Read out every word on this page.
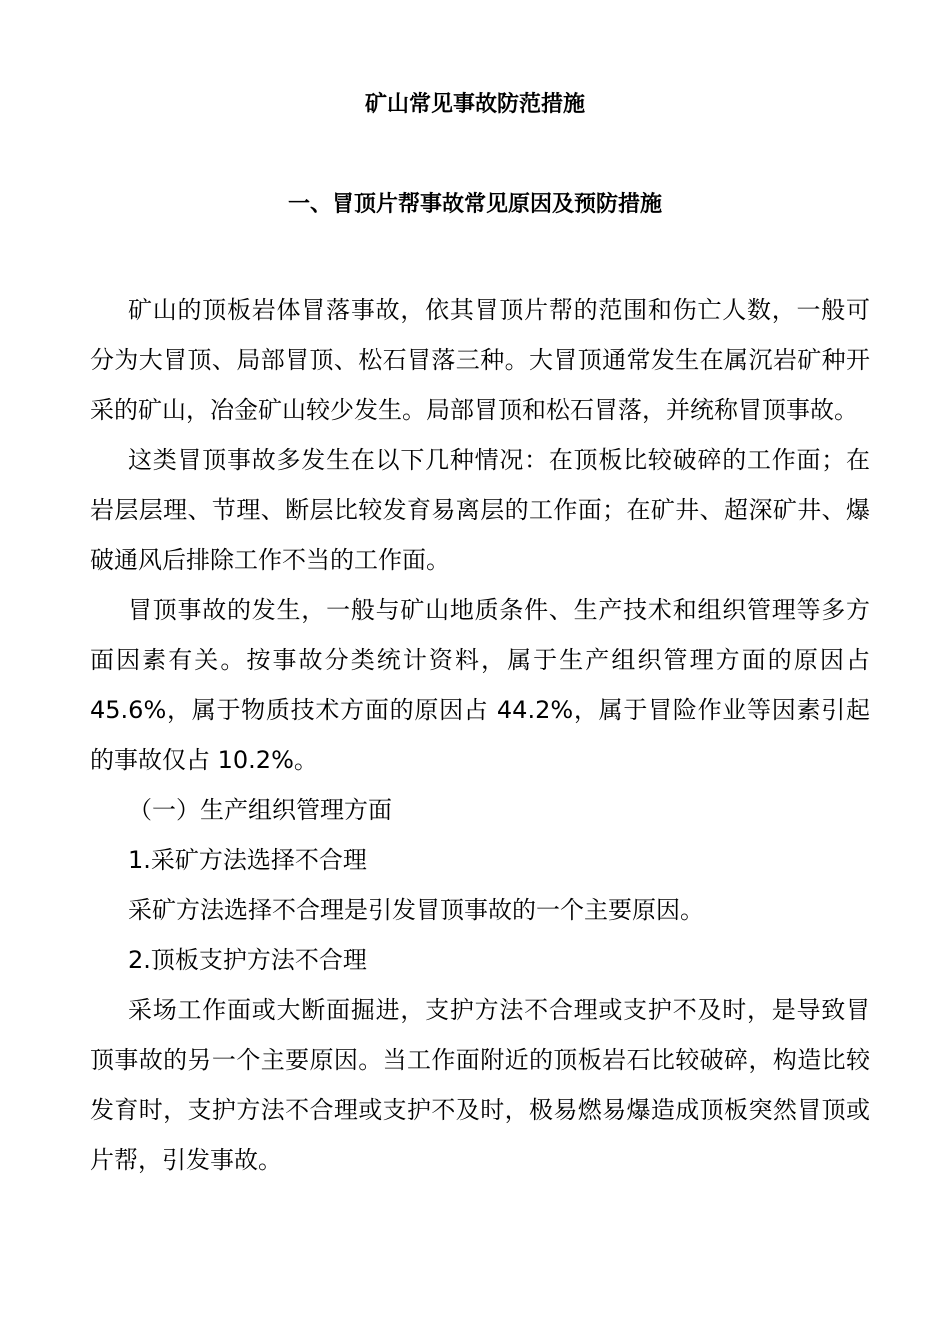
矿山常见事故防范措施
一、冒顶片帮事故常见原因及预防措施

矿山的顶板岩体冒落事故，依其冒顶片帮的范围和伤亡人数，一般可分为大冒顶、局部冒顶、松石冒落三种。大冒顶通常发生在属沉岩矿种开采的矿山，冶金矿山较少发生。局部冒顶和松石冒落，并统称冒顶事故。

这类冒顶事故多发生在以下几种情况：在顶板比较破碎的工作面；在岩层层理、节理、断层比较发育易离层的工作面；在矿井、超深矿井、爆破通风后排除工作不当的工作面。

冒顶事故的发生，一般与矿山地质条件、生产技术和组织管理等多方面因素有关。按事故分类统计资料，属于生产组织管理方面的原因占 45.6%，属于物质技术方面的原因占 44.2%，属于冒险作业等因素引起的事故仅占 10.2%。

（一）生产组织管理方面

1.采矿方法选择不合理

采矿方法选择不合理是引发冒顶事故的一个主要原因。

2.顶板支护方法不合理

采场工作面或大断面掘进，支护方法不合理或支护不及时，是导致冒顶事故的另一个主要原因。当工作面附近的顶板岩石比较破碎，构造比较发育时，支护方法不合理或支护不及时，极易燃易爆造成顶板突然冒顶或片帮，引发事故。
